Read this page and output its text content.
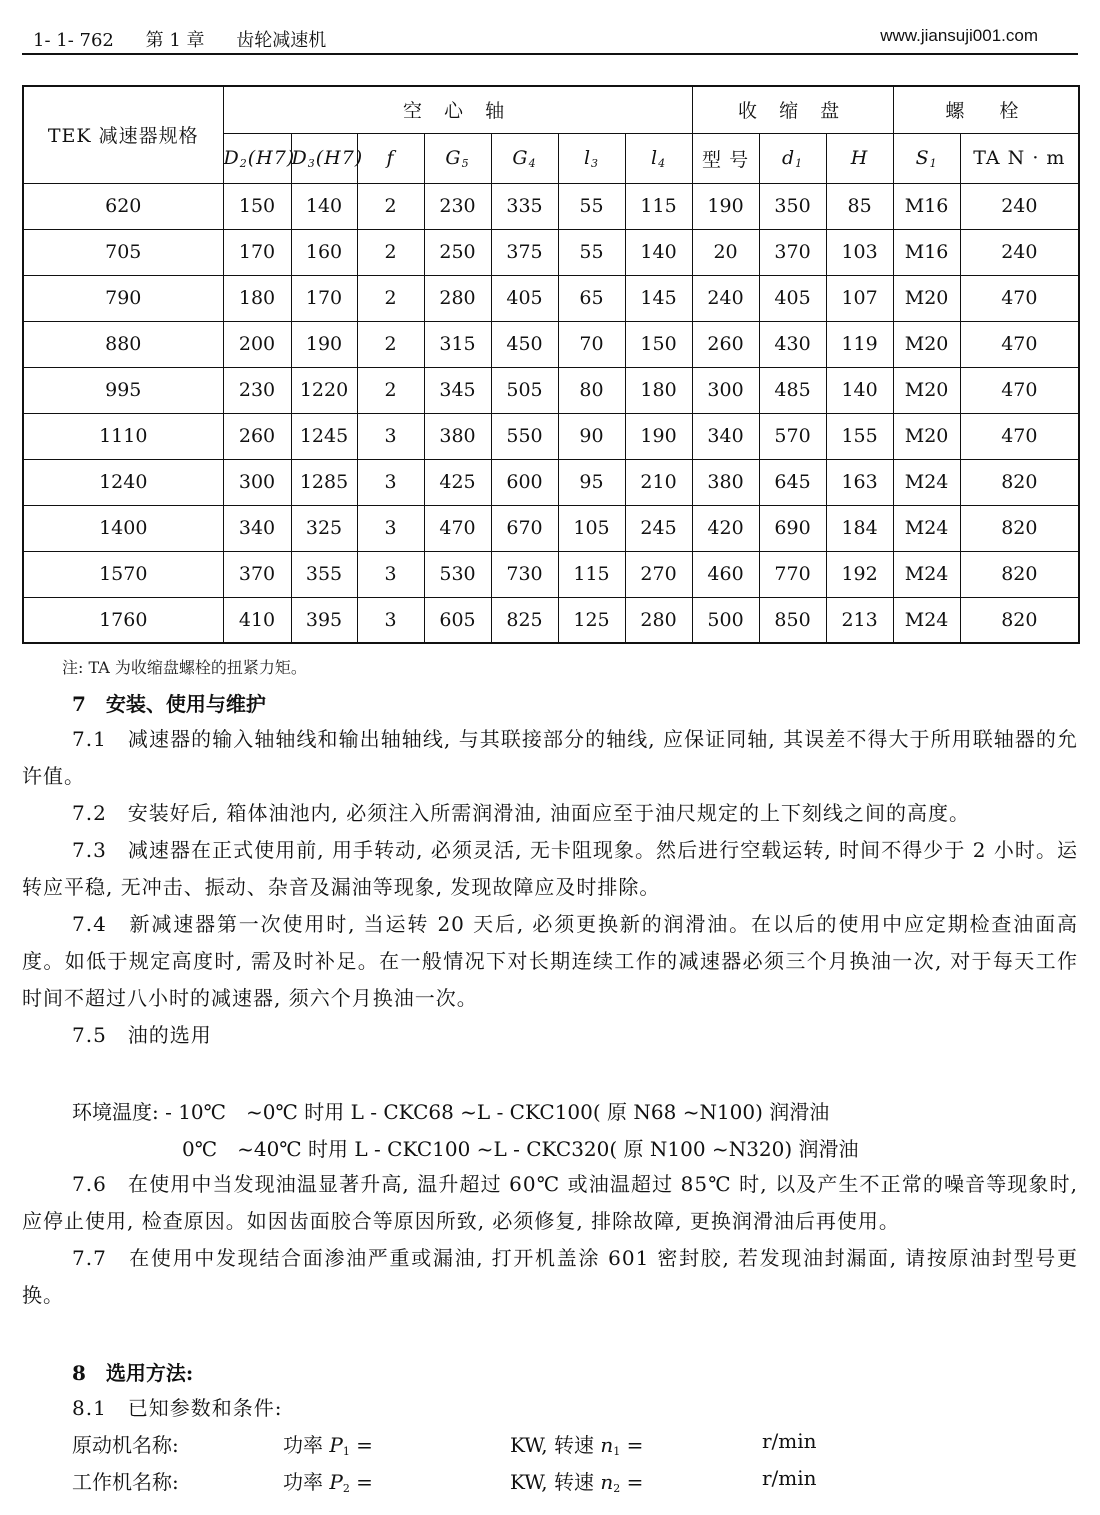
1- 1- 762 第 1 章 齿轮减速机	www.jiansuji001.com
TEK 减速器规格	空 心 轴							收 缩 盘			螺　栓	
	$D_2(H7)$	$D_3(H7)$	f	$G_5$	$G_4$	$l_3$	$l_4$	型 号	$d_1$	H	$S_1$	TA N · m
620	150	140	2	230	335	55	115	190	350	85	M16	240
705	170	160	2	250	375	55	140	20	370	103	M16	240
790	180	170	2	280	405	65	145	240	405	107	M20	470
880	200	190	2	315	450	70	150	260	430	119	M20	470
995	230	1220	2	345	505	80	180	300	485	140	M20	470
1110	260	1245	3	380	550	90	190	340	570	155	M20	470
1240	300	1285	3	425	600	95	210	380	645	163	M24	820
1400	340	325	3	470	670	105	245	420	690	184	M24	820
1570	370	355	3	530	730	115	270	460	770	192	M24	820
1760	410	395	3	605	825	125	280	500	850	213	M24	820
注: TA 为收缩盘螺栓的扭紧力矩。
7　安装、使用与维护

7.1　减速器的输入轴轴线和输出轴轴线, 与其联接部分的轴线, 应保证同轴, 其误差不得大于所用联轴器的允许值。

7.2　安装好后, 箱体油池内, 必须注入所需润滑油, 油面应至于油尺规定的上下刻线之间的高度。

7.3　减速器在正式使用前, 用手转动, 必须灵活, 无卡阻现象。然后进行空载运转, 时间不得少于 2 小时。运转应平稳, 无冲击、振动、杂音及漏油等现象, 发现故障应及时排除。

7.4　新减速器第一次使用时, 当运转 20 天后, 必须更换新的润滑油。在以后的使用中应定期检查油面高度。如低于规定高度时, 需及时补足。在一般情况下对长期连续工作的减速器必须三个月换油一次, 对于每天工作时间不超过八小时的减速器, 须六个月换油一次。

7.5　油的选用

环境温度: - 10℃　~0℃ 时用 L - CKC68 ~L - CKC100( 原 N68 ~N100) 润滑油
0℃　~40℃ 时用 L - CKC100 ~L - CKC320( 原 N100 ~N320) 润滑油

7.6　在使用中当发现油温显著升高, 温升超过 60℃ 或油温超过 85℃ 时, 以及产生不正常的噪音等现象时, 应停止使用, 检查原因。如因齿面胶合等原因所致, 必须修复, 排除故障, 更换润滑油后再使用。

7.7　在使用中发现结合面渗油严重或漏油, 打开机盖涂 601 密封胶, 若发现油封漏面, 请按原油封型号更换。

8　选用方法:
8.1　已知参数和条件:
原动机名称:	功率 $P_1$ =	KW, 转速 $n_1$ =	r/min
工作机名称:	功率 $P_2$ =	KW, 转速 $n_2$ =	r/min
